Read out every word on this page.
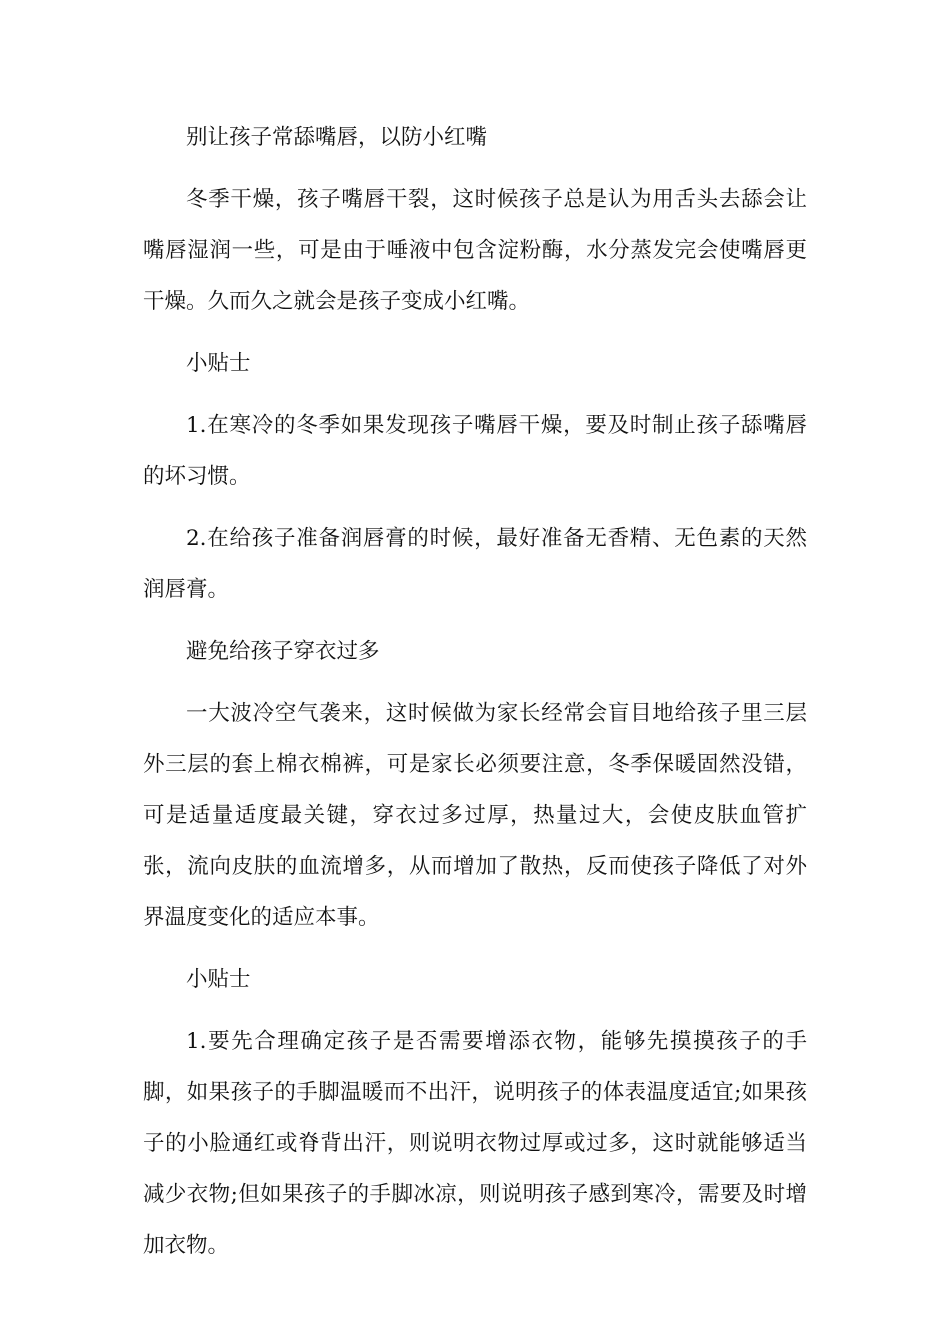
别让孩子常舔嘴唇，以防小红嘴

冬季干燥，孩子嘴唇干裂，这时候孩子总是认为用舌头去舔会让嘴唇湿润一些，可是由于唾液中包含淀粉酶，水分蒸发完会使嘴唇更干燥。久而久之就会是孩子变成小红嘴。

小贴士

1.在寒冷的冬季如果发现孩子嘴唇干燥，要及时制止孩子舔嘴唇的坏习惯。

2.在给孩子准备润唇膏的时候，最好准备无香精、无色素的天然润唇膏。

避免给孩子穿衣过多

一大波冷空气袭来，这时候做为家长经常会盲目地给孩子里三层外三层的套上棉衣棉裤，可是家长必须要注意，冬季保暖固然没错，可是适量适度最关键，穿衣过多过厚，热量过大，会使皮肤血管扩张，流向皮肤的血流增多，从而增加了散热，反而使孩子降低了对外界温度变化的适应本事。

小贴士

1.要先合理确定孩子是否需要增添衣物，能够先摸摸孩子的手脚，如果孩子的手脚温暖而不出汗，说明孩子的体表温度适宜;如果孩子的小脸通红或脊背出汗，则说明衣物过厚或过多，这时就能够适当减少衣物;但如果孩子的手脚冰凉，则说明孩子感到寒冷，需要及时增加衣物。
